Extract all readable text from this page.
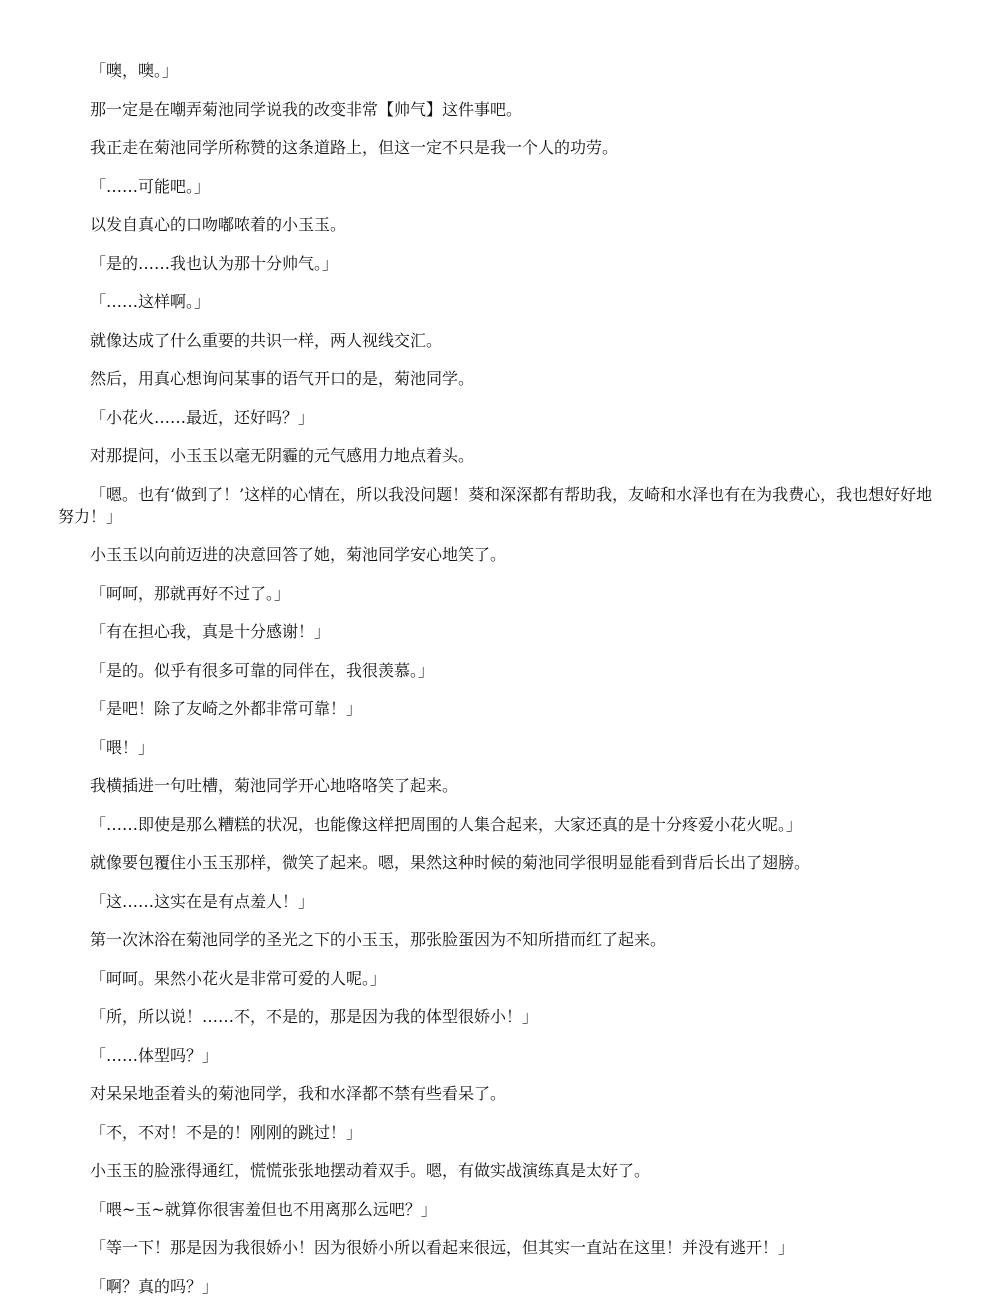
「噢，噢。」

那一定是在嘲弄菊池同学说我的改变非常【帅气】这件事吧。

我正走在菊池同学所称赞的这条道路上，但这一定不只是我一个人的功劳。

「……可能吧。」

以发自真心的口吻嘟哝着的小玉玉。

「是的……我也认为那十分帅气。」

「……这样啊。」

就像达成了什么重要的共识一样，两人视线交汇。

然后，用真心想询问某事的语气开口的是，菊池同学。

「小花火……最近，还好吗？」

对那提问，小玉玉以毫无阴霾的元气感用力地点着头。

「嗯。也有‘做到了！’这样的心情在，所以我没问题！葵和深深都有帮助我，友崎和水泽也有在为我费心，我也想好好地努力！」

小玉玉以向前迈进的决意回答了她，菊池同学安心地笑了。

「呵呵，那就再好不过了。」

「有在担心我，真是十分感谢！」

「是的。似乎有很多可靠的同伴在，我很羡慕。」

「是吧！除了友崎之外都非常可靠！」

「喂！」

我横插进一句吐槽，菊池同学开心地咯咯笑了起来。

「……即使是那么糟糕的状况，也能像这样把周围的人集合起来，大家还真的是十分疼爱小花火呢。」

就像要包覆住小玉玉那样，微笑了起来。嗯，果然这种时候的菊池同学很明显能看到背后长出了翅膀。

「这……这实在是有点羞人！」

第一次沐浴在菊池同学的圣光之下的小玉玉，那张脸蛋因为不知所措而红了起来。

「呵呵。果然小花火是非常可爱的人呢。」

「所，所以说！……不，不是的，那是因为我的体型很娇小！」

「……体型吗？」

对呆呆地歪着头的菊池同学，我和水泽都不禁有些看呆了。

「不，不对！不是的！刚刚的跳过！」

小玉玉的脸涨得通红，慌慌张张地摆动着双手。嗯，有做实战演练真是太好了。

「喂~玉~就算你很害羞但也不用离那么远吧？」

「等一下！那是因为我很娇小！因为很娇小所以看起来很远，但其实一直站在这里！并没有逃开！」

「啊？真的吗？」
